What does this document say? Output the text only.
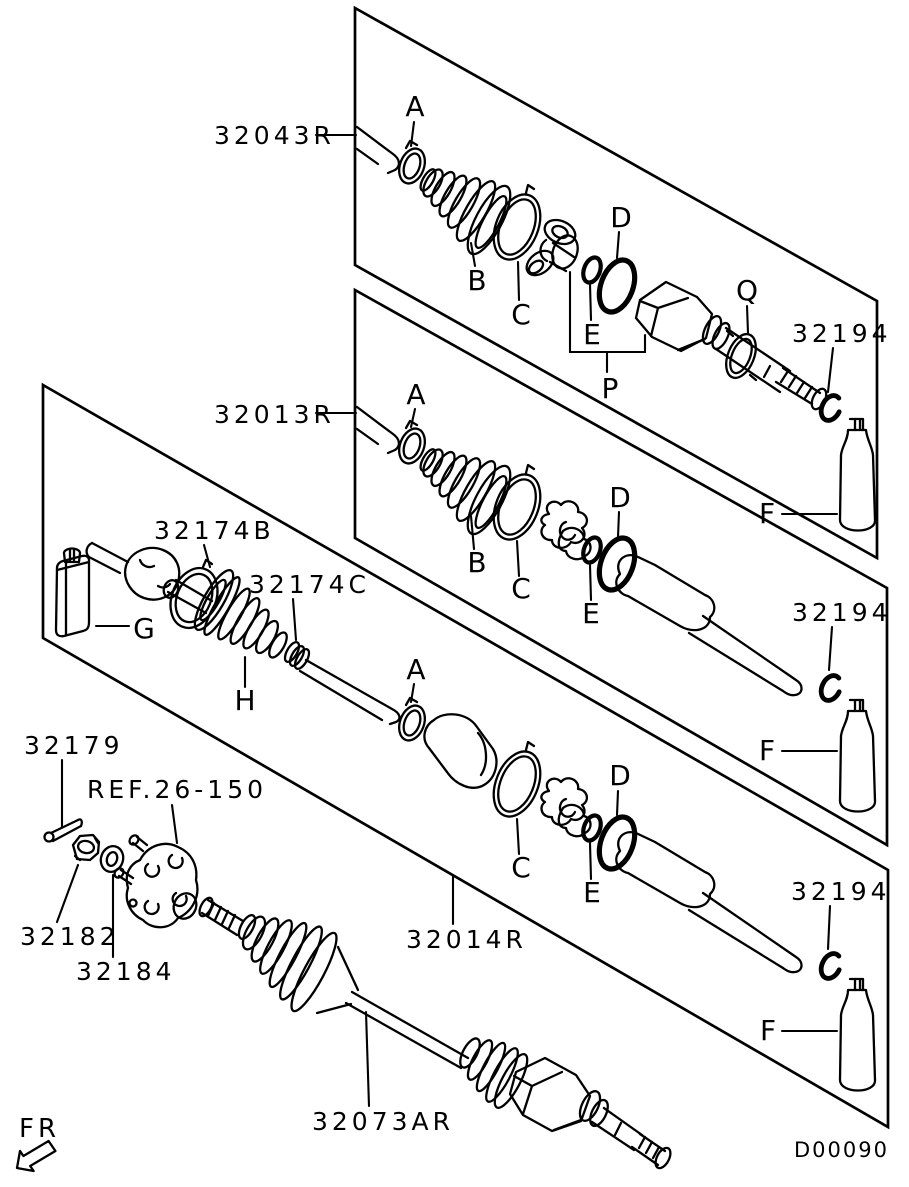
32043R
32013R
32014R
32073AR
32194
32194
32194
32174B
32174C
32179
32182
32184
REF.26-150
A
B
C
D
E
P
Q
F
A
B
C
D
E
F
G
H
A
C
D
E
F
FR
D00090
